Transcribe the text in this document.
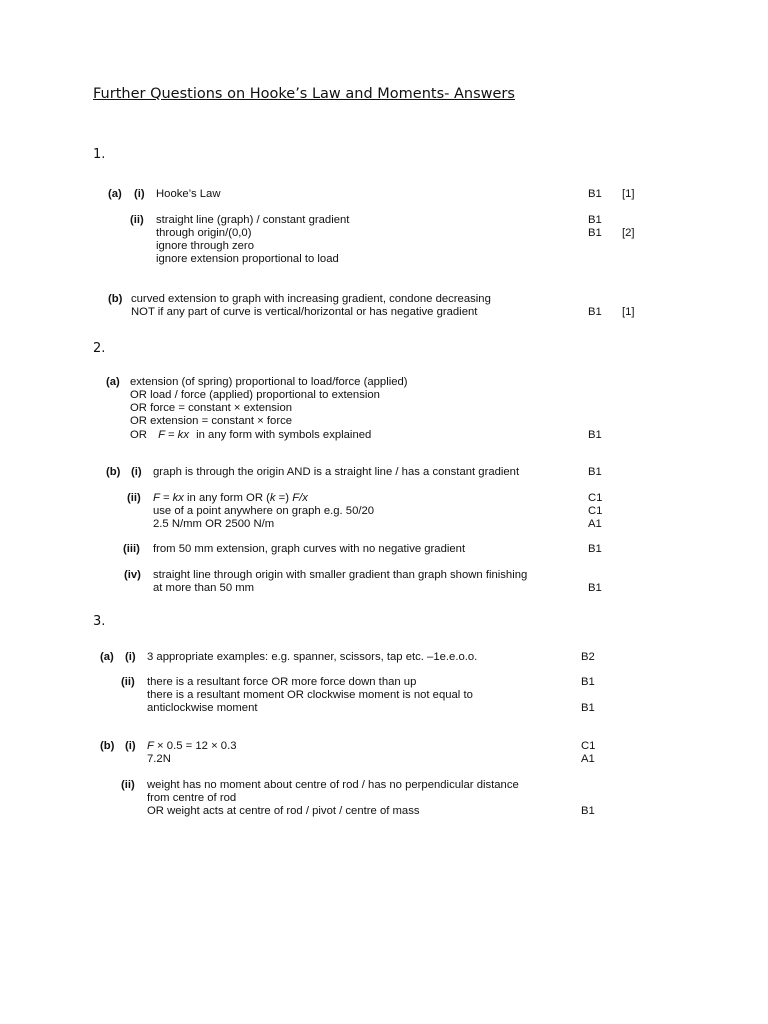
Further Questions on Hooke’s Law and Moments- Answers
1.
(a) (i) Hooke’s Law	B1 [1]
(ii) straight line (graph) / constant gradient	B1
through origin/(0,0)	B1 [2]
ignore through zero
ignore extension proportional to load
(b) curved extension to graph with increasing gradient, condone decreasing
NOT if any part of curve is vertical/horizontal or has negative gradient	B1 [1]
2.
(a) extension (of spring) proportional to load/force (applied)
OR load / force (applied) proportional to extension
OR force = constant × extension
OR extension = constant × force
OR F = kx in any form with symbols explained	B1
(b) (i) graph is through the origin AND is a straight line / has a constant gradient	B1
(ii) F = kx in any form OR (k =) F/x	C1
use of a point anywhere on graph e.g. 50/20	C1
2.5 N/mm OR 2500 N/m	A1
(iii) from 50 mm extension, graph curves with no negative gradient	B1
(iv) straight line through origin with smaller gradient than graph shown finishing
at more than 50 mm	B1
3.
(a) (i) 3 appropriate examples: e.g. spanner, scissors, tap etc. –1e.e.o.o.	B2
(ii) there is a resultant force OR more force down than up	B1
there is a resultant moment OR clockwise moment is not equal to
anticlockwise moment	B1
(b) (i) F × 0.5 = 12 × 0.3	C1
7.2N	A1
(ii) weight has no moment about centre of rod / has no perpendicular distance
from centre of rod
OR weight acts at centre of rod / pivot / centre of mass	B1
